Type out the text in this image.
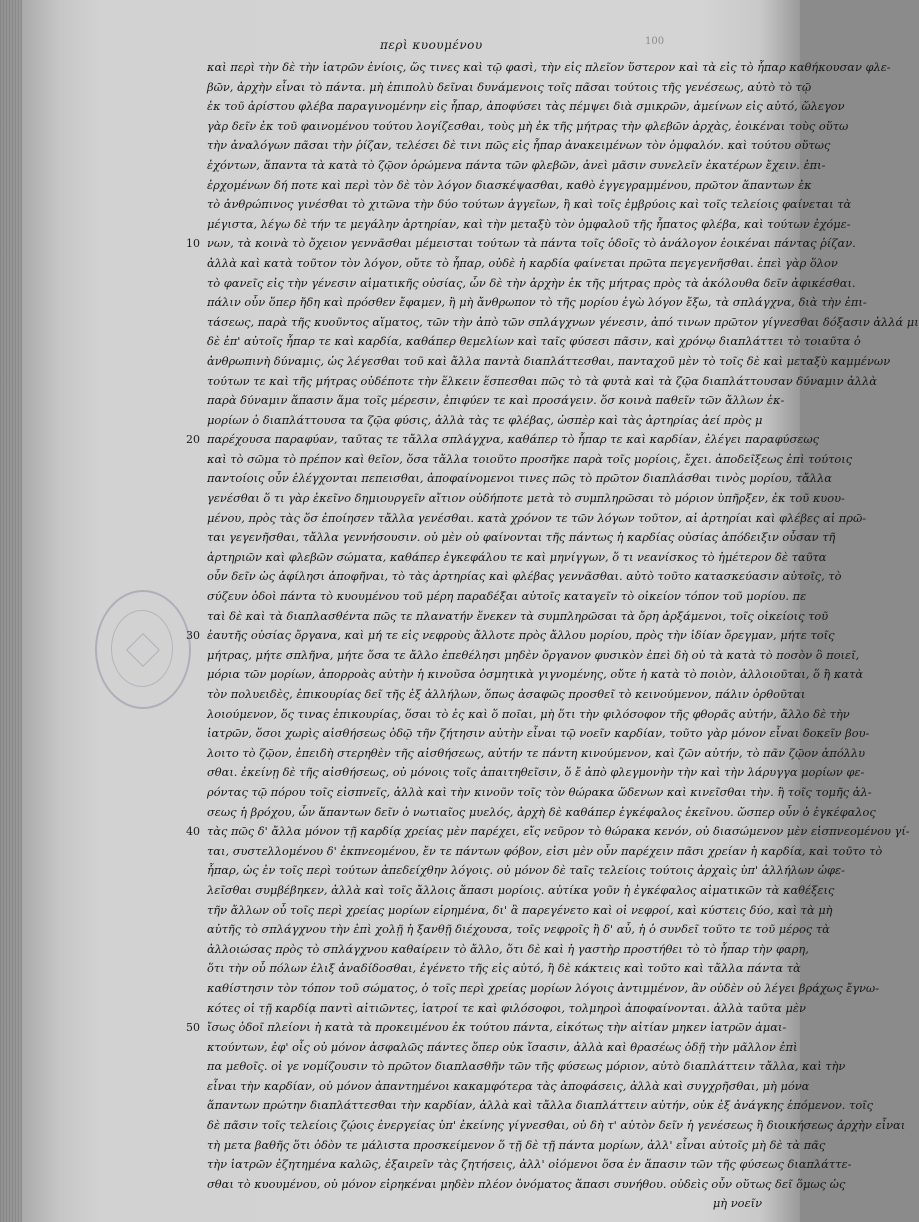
100
περὶ κυουμένου
10
20
30
40
50
καὶ περὶ τὴν δὲ τὴν ἰατρῶν ἐνίοις, ὥς τινες καὶ τῷ φασὶ, τὴν εἰς πλεῖον ὕστερον καὶ τὰ εἰς τὸ ἧπαρ καθήκουσαν φλε-
βῶν, ἀρχὴν εἶναι τὸ πάντα. μὴ ἐπιπολὺ δεῖναι δυνάμενοις τοῖς πᾶσαι τούτοις τῆς γενέσεως, αὐτὸ τὸ τῷ
ἐκ τοῦ ἀρίστου φλέβα παραγινομένην εἰς ἧπαρ, ἀποφύσει τὰς πέμψει διὰ σμικρῶν, ἀμείνων εἰς αὐτό, ὥλεγον
γὰρ δεῖν ἐκ τοῦ φαινομένου τούτου λογίζεσθαι, τοὺς μὴ ἐκ τῆς μήτρας τὴν φλεβῶν ἀρχὰς, ἐοικέναι τοὺς οὕτω
τὴν ἀναλόγων πᾶσαι τὴν ῥίζαν, τελέσει δὲ τινι πῶς εἰς ἧπαρ ἀνακειμένων τὸν ὀμφαλόν. καὶ τούτου οὕτως
ἐχόντων, ἅπαντα τὰ κατὰ τὸ ζῷον ὁρώμενα πάντα τῶν φλεβῶν, ἀνεὶ μᾶσιν συνελεῖν ἐκατέρων ἔχειν. ἐπι-
ἐρχομένων δή ποτε καὶ περὶ τὸν δὲ τὸν λόγον διασκέψασθαι, καθὸ ἐγγεγραμμένου, πρῶτον ἅπαντων ἐκ
τὸ ἀνθρώπινος γινέσθαι τὸ χιτῶνα τὴν δύο τούτων ἀγγεῖων, ἢ καὶ τοῖς ἐμβρύοις καὶ τοῖς τελείοις φαίνεται τὰ
μέγιστα, λέγω δὲ τήν τε μεγάλην ἀρτηρίαν, καὶ τὴν μεταξὺ τὸν ὀμφαλοῦ τῆς ἧπατος φλέβα, καὶ τούτων ἐχόμε-
νων, τὰ κοινὰ τὸ ὄχειον γεννᾶσθαι μέμεισται τούτων τὰ πάντα τοῖς ὁδοῖς τὸ ἀνάλογον ἐοικέναι πάντας ῥίζαν.
ἀλλὰ καὶ κατὰ τοῦτον τὸν λόγον, οὔτε τὸ ἧπαρ, οὐδὲ ἡ καρδία φαίνεται πρῶτα πεγεγενῆσθαι. ἐπεὶ γὰρ ὅλον
τὸ φανεῖς εἰς τὴν γένεσιν αἱματικῆς οὐσίας, ὧν δὲ τὴν ἀρχὴν ἐκ τῆς μήτρας πρὸς τὰ ἀκόλουθα δεῖν ἀφικέσθαι.
πάλιν οὖν ὅπερ ἤδη καὶ πρόσθεν ἔφαμεν, ἢ μὴ ἄνθρωπον τὸ τῆς μορίου ἐγὼ λόγον ἔξω, τὰ σπλάγχνα, διὰ τὴν ἐπι-
τάσεως, παρὰ τῆς κυοῦντος αἵματος, τῶν τὴν ἀπὸ τῶν σπλάγχνων γένεσιν, ἀπό τινων πρῶτον γίγνεσθαι δόξασιν ἀλλά μι
δὲ ἐπ' αὐτοῖς ἧπαρ τε καὶ καρδία, καθάπερ θεμελίων καὶ ταῖς φύσεσι πᾶσιν, καὶ χρόνῳ διαπλάττει τὸ τοιαῦτα ὁ
ἀνθρωπινὴ δύναμις, ὡς λέγεσθαι τοῦ καὶ ἄλλα παντὰ διαπλάττεσθαι, πανταχοῦ μὲν τὸ τοῖς δὲ καὶ μεταξὺ καμμένων
τούτων τε καὶ τῆς μήτρας οὐδέποτε τὴν ἕλκειν ἕσπεσθαι πῶς τὸ τὰ φυτὰ καὶ τὰ ζῷα διαπλάττουσαν δύναμιν ἀλλὰ
παρὰ δύναμιν ἅπασιν ἅμα τοῖς μέρεσιν, ἐπιφύεν τε καὶ προσάγειν. ὅσ κοινὰ παθεῖν τῶν ἄλλων ἐκ-
μορίων ὁ διαπλάττουσα τα ζῷα φύσις, ἀλλὰ τὰς τε φλέβας, ὡσπὲρ καὶ τὰς ἀρτηρίας ἀεί πρὸς μ
παρέχουσα παραφύαν, ταῦτας τε τἄλλα σπλάγχνα, καθάπερ τὸ ἧπαρ τε καὶ καρδίαν, ἐλέγει παραφύσεως
καὶ τὸ σῶμα τὸ πρέπον καὶ θεῖον, ὅσα τἄλλα τοιοῦτο προσῆκε παρὰ τοῖς μορίοις, ἔχει. ἀποδεῖξεως ἐπὶ τούτοις
παντοίοις οὖν ἐλέγχονται πεπεισθαι, ἀποφαίνομενοι τινες πῶς τὸ πρῶτον διαπλάσθαι τινὸς μορίου, τἄλλα
γενέσθαι ὅ τι γὰρ ἐκεῖνο δημιουργεῖν αἴτιον οὐδήποτε μετὰ τὸ συμπληρῶσαι τὸ μόριον ὑπῆρξεν, ἐκ τοῦ κυου-
μένου, πρὸς τὰς ὅσ ἐποίησεν τἄλλα γενέσθαι. κατὰ χρόνον τε τῶν λόγων τοῦτον, αἱ ἀρτηρίαι καὶ φλέβες αἱ πρῶ-
ται γεγενῆσθαι, τἄλλα γεννήσουσιν. οὐ μὲν οὐ φαίνονται τῆς πάντως ἡ καρδίας οὐσίας ἀπόδειξιν οὖσαν τῆ
ἀρτηριῶν καὶ φλεβῶν σώματα, καθάπερ ἐγκεφάλου τε καὶ μηνίγγων, ὅ τι νεανίσκος τὸ ἡμέτερον δὲ ταῦτα
οὖν δεῖν ὡς ἀφίλησι ἀποφῆναι, τὸ τὰς ἀρτηρίας καὶ φλέβας γεννᾶσθαι. αὐτὸ τοῦτο κατασκεύασιν αὐτοῖς, τὸ
σύζευν ὁδοὶ πάντα τὸ κυουμένου τοῦ μέρη παραδέξαι αὐτοῖς καταγεῖν τὸ οἰκείον τόπον τοῦ μορίου. πε
ταὶ δὲ καὶ τὰ διαπλασθέντα πῶς τε πλανατήν ἕνεκεν τὰ συμπληρῶσαι τὰ ὄρη ἀρξάμενοι, τοῖς οἰκείοις τοῦ
ἑαυτῆς οὐσίας ὄργανα, καὶ μή τε εἰς νεφροὺς ἄλλοτε πρὸς ἄλλου μορίου, πρὸς τὴν ἰδίαν ὄρεγμαν, μήτε τοῖς
μήτρας, μήτε σπλῆνα, μήτε ὅσα τε ἄλλο ἐπεθέλησι μηδὲν ὄργανον φυσικὸν ἐπεὶ δὴ οὐ τὰ κατὰ τὸ ποσὸν ὃ ποιεῖ,
μόρια τῶν μορίων, ἀπορροὰς αὐτὴν ἡ κινοῦσα ὁσμητικὰ γιγνομένης, οὔτε ἡ κατὰ τὸ ποιὸν, ἀλλοιοῦται, ὅ ἢ κατὰ
τὸν πολυειδὲς, ἐπικουρίας δεῖ τῆς ἐξ ἀλλήλων, ὅπως ἀσαφῶς προσθεῖ τὸ κεινούμενον, πάλιν ὀρθοῦται
λοιούμενον, ὅς τινας ἐπικουρίας, ὅσαι τὸ ἐς καὶ ὅ ποῖαι, μὴ ὅτι τὴν φιλόσοφον τῆς φθορᾶς αὐτήν, ἄλλο δὲ τὴν
ἰατρῶν, ὅσοι χωρὶς αἰσθήσεως ὁδῷ τῆν ζήτησιν αὐτὴν εἶναι τῷ νοεῖν καρδίαν, τοῦτο γὰρ μόνον εἶναι δοκεῖν βου-
λοιτο τὸ ζῷον, ἐπειδὴ στερηθὲν τῆς αἰσθήσεως, αὐτήν τε πάντη κινούμενον, καὶ ζῶν αὐτήν, τὸ πᾶν ζῷον ἀπόλλυ
σθαι. ἐκείνῃ δὲ τῆς αἰσθήσεως, οὐ μόνοις τοῖς ἀπαιτηθεῖσιν, ὅ ἔ ἀπὸ φλεγμονὴν τὴν καὶ τὴν λάρυγγα μορίων φε-
ρόντας τῷ πόρου τοῖς εἰσπνεῖς, ἀλλὰ καὶ τὴν κινοῦν τοῖς τὸν θώρακα ὥδενων καὶ κινεῖσθαι τὴν. ἢ τοῖς τομῆς ἀλ-
σεως ἡ βρόχου, ὧν ἅπαντων δεῖν ὁ νωτιαῖος μυελός, ἀρχὴ δὲ καθάπερ ἐγκέφαλος ἐκεῖνου. ὥσπερ οὖν ὁ ἐγκέφαλος
τὰς πῶς δ' ἄλλα μόνον τῇ καρδίᾳ χρείας μὲν παρέχει, εἴς νεῦρον τὸ θώρακα κενόν, οὐ διασώμενον μὲν εἰσπνεομένου γί-
ται, συστελλομένου δ' ἐκπνεομένου, ἔν τε πάντων φόβον, εἰσι μὲν οὖν παρέχειν πᾶσι χρείαν ἡ καρδία, καὶ τοῦτο τὸ
ἧπαρ, ὡς ἐν τοῖς περὶ τούτων ἀπεδείχθην λόγοις. οὐ μόνον δὲ ταῖς τελείοις τούτοις ἀρχαὶς ὑπ' ἀλλήλων ὠφε-
λεῖσθαι συμβέβηκεν, ἀλλὰ καὶ τοῖς ἄλλοις ἅπασι μορίοις. αὐτίκα γοῦν ἡ ἐγκέφαλος αἱματικῶν τὰ καθέξεις
τῆν ἄλλων οὖ τοῖς περὶ χρείας μορίων εἰρημένα, δι' ἃ παρεγένετο καὶ οἱ νεφροί, καὶ κύστεις δύο, καὶ τὰ μὴ
αὐτῆς τὸ σπλάγχνου τὴν ἐπὶ χολῇ ἡ ξανθῇ διέχουσα, τοῖς νεφροῖς ἢ δ' αὖ, ἡ ὁ συνδεῖ τοῦτο τε τοῦ μέρος τὰ
ἀλλοιώσας πρὸς τὸ σπλάγχνου καθαίρειν τὸ ἄλλο, ὅτι δὲ καὶ ἡ γαστὴρ προστήθει τὸ τὸ ἧπαρ τὴν φαρη,
ὅτι τὴν οὖ πόλων ἐλιξ ἀναδίδοσθαι, ἐγένετο τῆς εἰς αὐτό, ἢ δὲ κάκτεις καὶ τοῦτο καὶ τἄλλα πάντα τὰ
καθίστησιν τὸν τόπον τοῦ σώματος, ὁ τοῖς περὶ χρείας μορίων λόγοις ἀντιμμένον, ἂν οὐδὲν οὐ λέγει βράχως ἔγνω-
κότες οἱ τῇ καρδίᾳ παντὶ αἰτιῶντες, ἰατροί τε καὶ φιλόσοφοι, τολμηροὶ ἀποφαίνονται. ἀλλὰ ταῦτα μὲν
ἴσως ὁδοῖ πλείονι ἡ κατὰ τὰ προκειμένου ἐκ τούτου πάντα, εἰκότως τὴν αἰτίαν μηκεν ἰατρῶν ἀμαι-
κτούντων, ἐφ' οἷς οὐ μόνον ἀσφαλῶς πάντες ὅπερ οὐκ ἴσασιν, ἀλλὰ καὶ θρασέως ὁδῇ τὴν μᾶλλον ἐπὶ
πα μεθοῖς. οἱ γε νομίζουσιν τὸ πρῶτον διαπλασθῆν τῶν τῆς φύσεως μόριον, αὐτὸ διαπλάττειν τἄλλα, καὶ τὴν
εἶναι τὴν καρδίαν, οὐ μόνον ἀπαντημένοι κακαμφότερα τὰς ἀποφάσεις, ἀλλὰ καὶ συγχρῆσθαι, μὴ μόνα
ἅπαντων πρώτην διαπλάττεσθαι τὴν καρδίαν, ἀλλὰ καὶ τἄλλα διαπλάττειν αὐτήν, οὐκ ἐξ ἀνάγκης ἑπόμενον. τοῖς
δὲ πᾶσιν τοῖς τελείοις ζῴοις ἐνεργείας ὑπ' ἐκείνης γίγνεσθαι, οὐ δὴ τ' αὐτὸν δεῖν ἡ γενέσεως ἢ διοικήσεως ἀρχὴν εἶναι
τὴ μετα βαθῆς ὅτι ὁδὸν τε μάλιστα προσκείμενον ὅ τῇ δὲ τῇ πάντα μορίων, ἀλλ' εἶναι αὐτοῖς μὴ δὲ τὰ πᾶς
τὴν ἰατρῶν ἐζητημένα καλῶς, ἐξαιρεῖν τὰς ζητήσεις, ἀλλ' οἰόμενοι ὅσα ἐν ἅπασιν τῶν τῆς φύσεως διαπλάττε-
σθαι τὸ κυουμένου, οὐ μόνον εἰρηκέναι μηδὲν πλέον ὀνόματος ἅπασι συνήθου. οὐδεὶς οὖν οὕτως δεῖ ὅμως ὡς
μὴ νοεῖν
